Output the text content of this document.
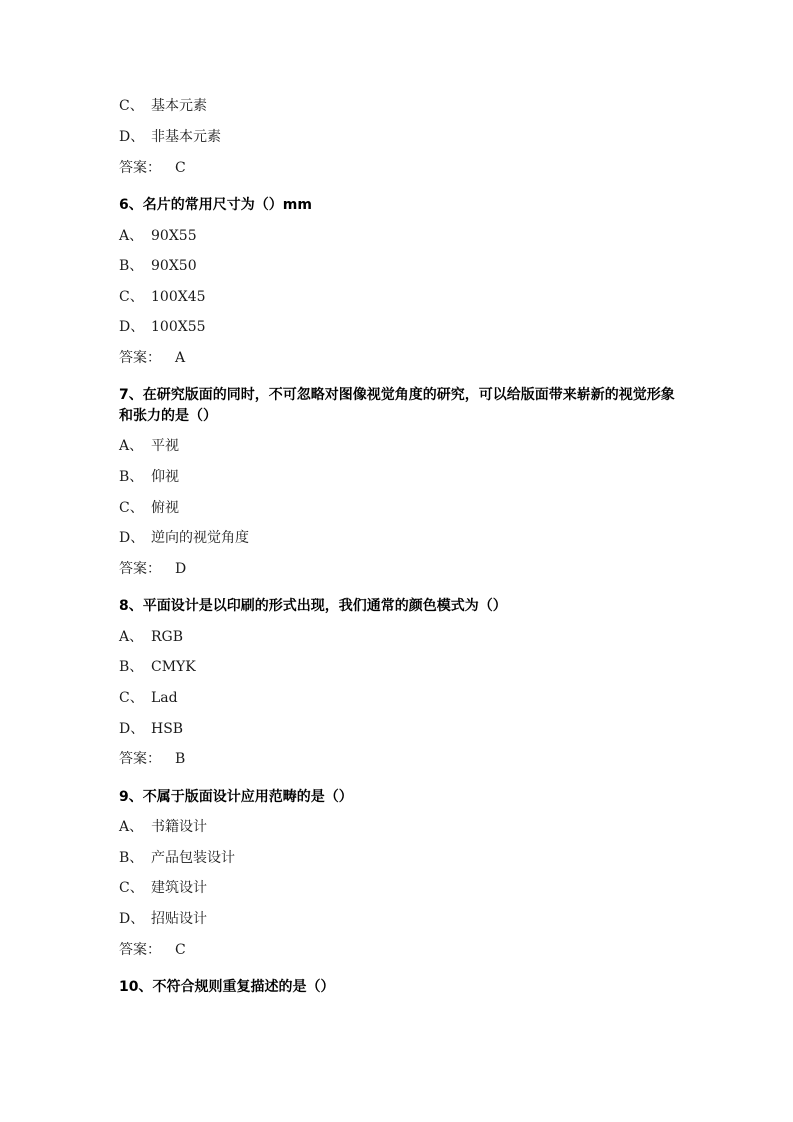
C、 基本元素
D、 非基本元素
答案： C
6、名片的常用尺寸为（）mm
A、 90X55
B、 90X50
C、 100X45
D、 100X55
答案： A
7、在研究版面的同时，不可忽略对图像视觉角度的研究，可以给版面带来崭新的视觉形象和张力的是（）
A、 平视
B、 仰视
C、 俯视
D、 逆向的视觉角度
答案： D
8、平面设计是以印刷的形式出现，我们通常的颜色模式为（）
A、 RGB
B、 CMYK
C、 Lad
D、 HSB
答案： B
9、不属于版面设计应用范畴的是（）
A、 书籍设计
B、 产品包装设计
C、 建筑设计
D、 招贴设计
答案： C
10、不符合规则重复描述的是（）
